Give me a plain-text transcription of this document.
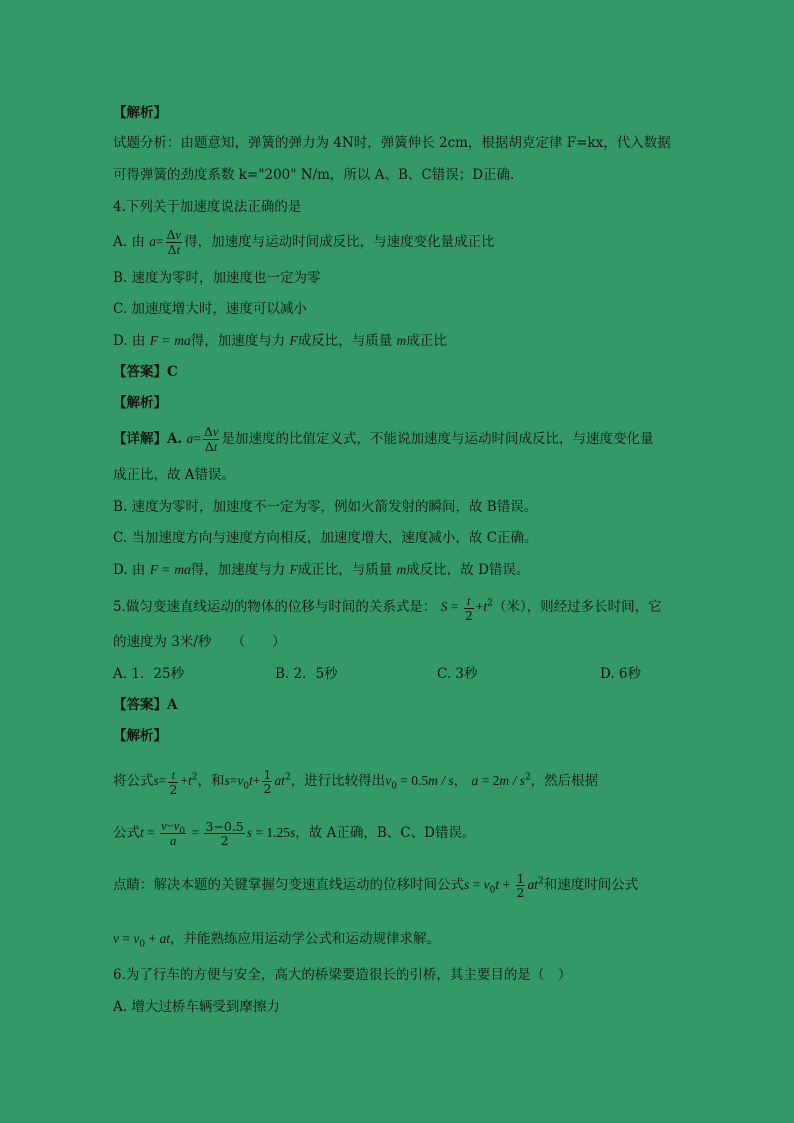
【解析】
试题分析：由题意知，弹簧的弹力为 4N时，弹簧伸长 2cm，根据胡克定律 F=kx，代入数据
可得弹簧的劲度系数 k="200" N/m，所以 A、B、C错误；D正确.
4.下列关于加速度说法正确的是
A. 由 $a= \frac{\Delta v}{\Delta t}$ 得，加速度与运动时间成反比，与速度变化量成正比
B. 速度为零时，加速度也一定为零
C. 加速度增大时，速度可以减小
D. 由 F = ma得，加速度与力 F成反比，与质量 m成正比
【答案】C
【解析】
【详解】A. $a= \frac{\Delta v}{\Delta t}$ 是加速度的比值定义式，不能说加速度与运动时间成反比，与速度变化量
成正比，故 A错误。
B. 速度为零时，加速度不一定为零，例如火箭发射的瞬间，故 B错误。
C. 当加速度方向与速度方向相反，加速度增大，速度减小，故 C正确。
D. 由 F = ma得，加速度与力 F成正比，与质量 m成反比，故 D错误。
5.做匀变速直线运动的物体的位移与时间的关系式是： $S = \frac{t}{2} +t^2$（米），则经过多长时间，它
的速度为 3米/秒　　（　　）
A. 1．25秒	B. 2．5秒	C. 3秒	D. 6秒
【答案】A
【解析】
将公式$s= \frac{t}{2} +t^2$，和$s=v_0t+ \frac{1}{2} at^2$，进行比较得出$v_0 = 0.5m / s$， $a = 2m / s^2$，然后根据
公式$t = \frac{v-v_0}{a} = \frac{3-0.5}{2}$ s = 1.25s，故 A正确，B、C、D错误。
点睛：解决本题的关键掌握匀变速直线运动的位移时间公式$s = v_0t + \frac{1}{2} at^2$和速度时间公式
$v = v_0$ + at，并能熟练应用运动学公式和运动规律求解。
6.为了行车的方便与安全，高大的桥梁要造很长的引桥，其主要目的是（　）
A. 增大过桥车辆受到摩擦力
